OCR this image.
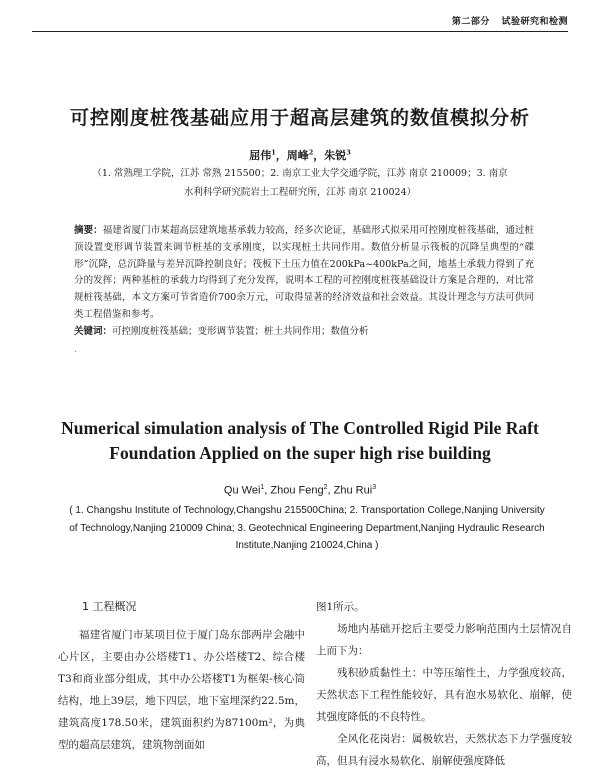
第二部分 试验研究和检测
可控刚度桩筏基础应用于超高层建筑的数值模拟分析
屈伟$^1$，周峰$^2$，朱锐$^3$
（1. 常熟理工学院，江苏 常熟 215500；2. 南京工业大学交通学院，江苏 南京 210009；3. 南京
水利科学研究院岩土工程研究所，江苏 南京 210024）
摘要：福建省厦门市某超高层建筑地基承载力较高，经多次论证，基础形式拟采用可控刚度桩筏基础，通过桩顶设置变形调节装置来调节桩基的支承刚度，以实现桩土共同作用。数值分析显示筏板的沉降呈典型的“碟形”沉降，总沉降量与差异沉降控制良好；筏板下土压力值在200kPa~400kPa之间，地基土承载力得到了充分的发挥；两种基桩的承载力均得到了充分发挥，说明本工程的可控刚度桩筏基础设计方案是合理的，对比常规桩筏基础，本文方案可节省造价700余万元，可取得显著的经济效益和社会效益。其设计理念与方法可供同类工程借鉴和参考。
关键词：可控刚度桩筏基础；变形调节装置；桩土共同作用；数值分析
·
Numerical simulation analysis of The Controlled Rigid Pile Raft
Foundation Applied on the super high rise building
Qu Wei$^1$, Zhou Feng$^2$, Zhu Rui$^3$
( 1. Changshu Institute of Technology,Changshu 215500China; 2. Transportation College,Nanjing University
of Technology,Nanjing 210009 China; 3. Geotechnical Engineering Department,Nanjing Hydraulic Research
Institute,Nanjing 210024,China )
1 工程概况

福建省厦门市某项目位于厦门岛东部两岸会融中心片区，主要由办公塔楼T1、办公塔楼T2、综合楼T3和商业部分组成，其中办公塔楼T1为框架-核心筒结构，地上39层，地下四层，地下室埋深约22.5m，建筑高度178.50米，建筑面积约为87100m²，为典型的超高层建筑，建筑物剖面如

图1所示。

场地内基础开挖后主要受力影响范围内土层情况自上而下为：

残积砂质黏性土：中等压缩性土，力学强度较高，天然状态下工程性能较好，具有泡水易软化、崩解，使其强度降低的不良特性。

全风化花岗岩：属极软岩，天然状态下力学强度较高，但具有浸水易软化、崩解使强度降低
